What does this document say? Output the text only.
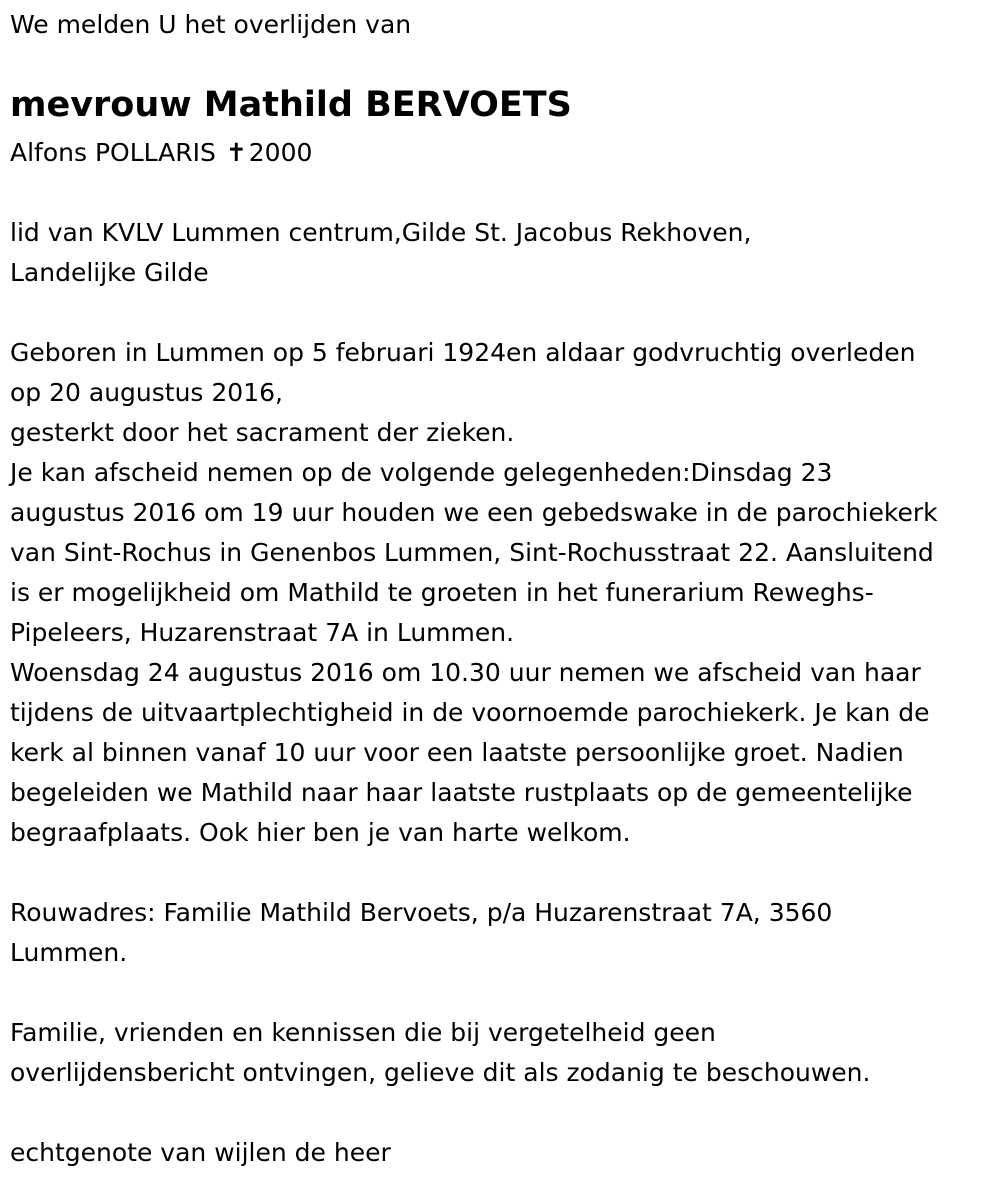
We melden U het overlijden van

mevrouw Mathild BERVOETS

Alfons POLLARIS ✝2000

lid van KVLV Lummen centrum,Gilde St. Jacobus Rekhoven,

Landelijke Gilde

Geboren in Lummen op 5 februari 1924en aldaar godvruchtig overleden

op 20 augustus 2016,

gesterkt door het sacrament der zieken.

Je kan afscheid nemen op de volgende gelegenheden:Dinsdag 23

augustus 2016 om 19 uur houden we een gebedswake in de parochiekerk

van Sint-Rochus in Genenbos Lummen, Sint-Rochusstraat 22. Aansluitend

is er mogelijkheid om Mathild te groeten in het funerarium Reweghs-

Pipeleers, Huzarenstraat 7A in Lummen.

Woensdag 24 augustus 2016 om 10.30 uur nemen we afscheid van haar

tijdens de uitvaartplechtigheid in de voornoemde parochiekerk. Je kan de

kerk al binnen vanaf 10 uur voor een laatste persoonlijke groet. Nadien

begeleiden we Mathild naar haar laatste rustplaats op de gemeentelijke

begraafplaats. Ook hier ben je van harte welkom.

Rouwadres: Familie Mathild Bervoets, p/a Huzarenstraat 7A, 3560

Lummen.

Familie, vrienden en kennissen die bij vergetelheid geen

overlijdensbericht ontvingen, gelieve dit als zodanig te beschouwen.

echtgenote van wijlen de heer
